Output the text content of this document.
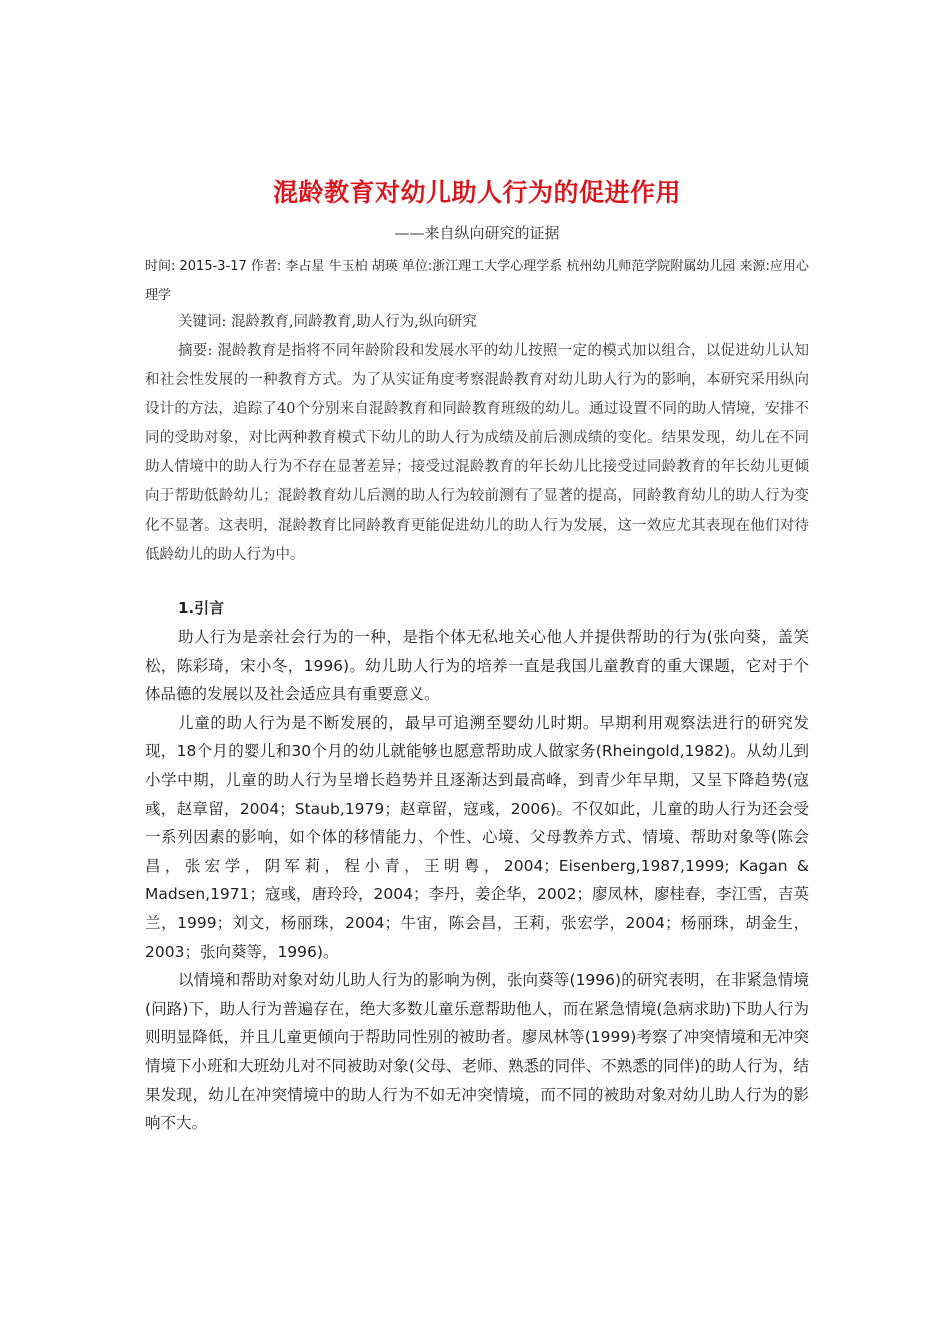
混龄教育对幼儿助人行为的促进作用
——来自纵向研究的证据
时间: 2015-3-17 作者: 李占星 牛玉柏 胡瑛 单位:浙江理工大学心理学系 杭州幼儿师范学院附属幼儿园 来源:应用心理学
关键词: 混龄教育,同龄教育,助人行为,纵向研究
摘要: 混龄教育是指将不同年龄阶段和发展水平的幼儿按照一定的模式加以组合，以促进幼儿认知和社会性发展的一种教育方式。为了从实证角度考察混龄教育对幼儿助人行为的影响，本研究采用纵向设计的方法，追踪了40个分别来自混龄教育和同龄教育班级的幼儿。通过设置不同的助人情境，安排不同的受助对象，对比两种教育模式下幼儿的助人行为成绩及前后测成绩的变化。结果发现，幼儿在不同助人情境中的助人行为不存在显著差异；接受过混龄教育的年长幼儿比接受过同龄教育的年长幼儿更倾向于帮助低龄幼儿；混龄教育幼儿后测的助人行为较前测有了显著的提高，同龄教育幼儿的助人行为变化不显著。这表明，混龄教育比同龄教育更能促进幼儿的助人行为发展，这一效应尤其表现在他们对待低龄幼儿的助人行为中。
1.引言

助人行为是亲社会行为的一种，是指个体无私地关心他人并提供帮助的行为(张向葵，盖笑松，陈彩琦，宋小冬，1996)。幼儿助人行为的培养一直是我国儿童教育的重大课题，它对于个体品德的发展以及社会适应具有重要意义。

儿童的助人行为是不断发展的，最早可追溯至婴幼儿时期。早期利用观察法进行的研究发现，18个月的婴儿和30个月的幼儿就能够也愿意帮助成人做家务(Rheingold,1982)。从幼儿到小学中期，儿童的助人行为呈增长趋势并且逐渐达到最高峰，到青少年早期，又呈下降趋势(寇彧，赵章留，2004；Staub,1979；赵章留，寇彧，2006)。不仅如此，儿童的助人行为还会受一系列因素的影响，如个体的移情能力、个性、心境、父母教养方式、情境、帮助对象等(陈会昌，张宏学，阴军莉，程小青，王明粤，2004；Eisenberg,1987,1999; Kagan & Madsen,1971；寇彧，唐玲玲，2004；李丹，姜企华，2002；廖凤林，廖桂春，李江雪，吉英兰，1999；刘文，杨丽珠，2004；牛宙，陈会昌，王莉，张宏学，2004；杨丽珠，胡金生，2003；张向葵等，1996)。

以情境和帮助对象对幼儿助人行为的影响为例，张向葵等(1996)的研究表明，在非紧急情境(问路)下，助人行为普遍存在，绝大多数儿童乐意帮助他人，而在紧急情境(急病求助)下助人行为则明显降低，并且儿童更倾向于帮助同性别的被助者。廖凤林等(1999)考察了冲突情境和无冲突情境下小班和大班幼儿对不同被助对象(父母、老师、熟悉的同伴、不熟悉的同伴)的助人行为，结果发现，幼儿在冲突情境中的助人行为不如无冲突情境，而不同的被助对象对幼儿助人行为的影响不大。
